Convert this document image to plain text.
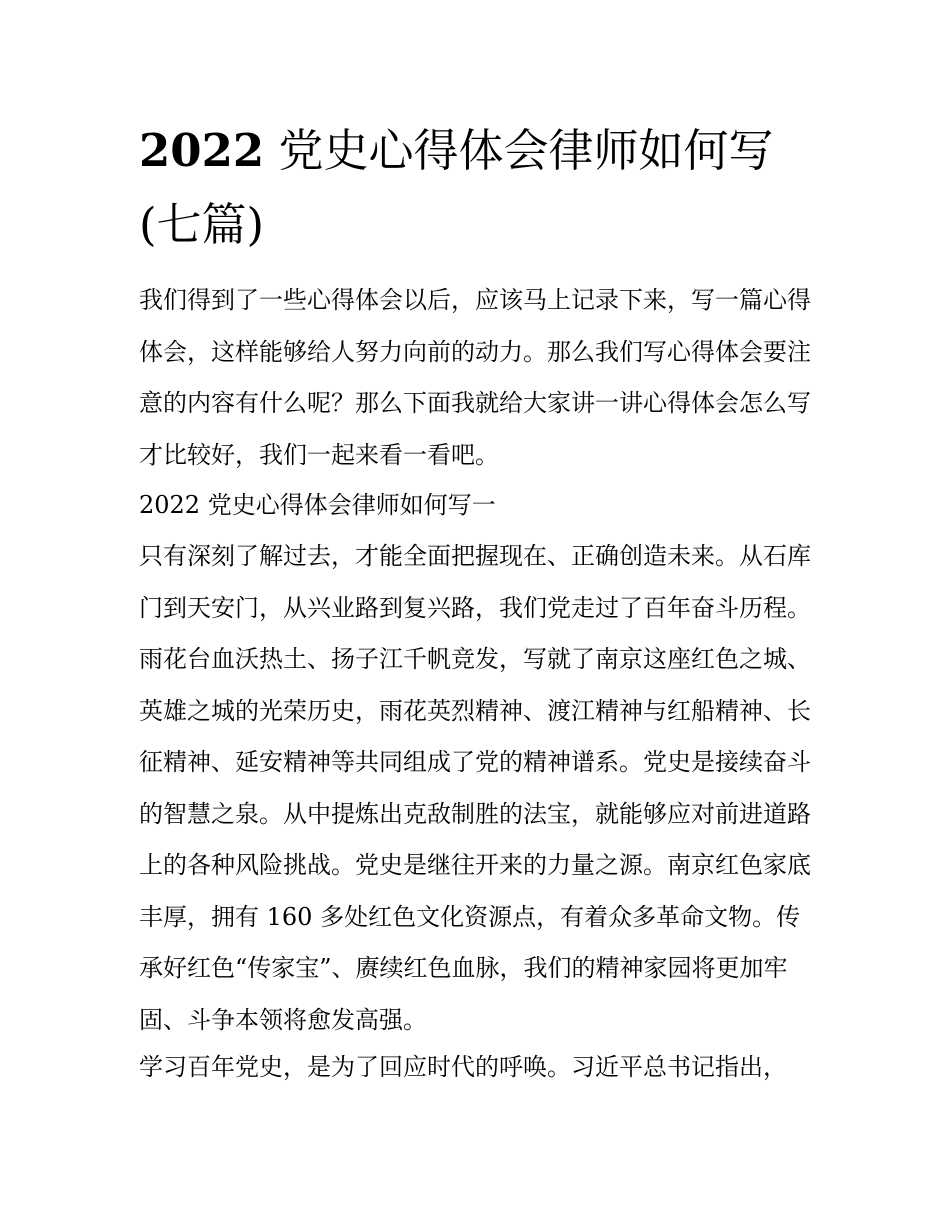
2022 党史心得体会律师如何写(七篇)

我们得到了一些心得体会以后，应该马上记录下来，写一篇心得体会，这样能够给人努力向前的动力。那么我们写心得体会要注意的内容有什么呢？那么下面我就给大家讲一讲心得体会怎么写才比较好，我们一起来看一看吧。

2022 党史心得体会律师如何写一

只有深刻了解过去，才能全面把握现在、正确创造未来。从石库门到天安门，从兴业路到复兴路，我们党走过了百年奋斗历程。雨花台血沃热土、扬子江千帆竞发，写就了南京这座红色之城、英雄之城的光荣历史，雨花英烈精神、渡江精神与红船精神、长征精神、延安精神等共同组成了党的精神谱系。党史是接续奋斗的智慧之泉。从中提炼出克敌制胜的法宝，就能够应对前进道路上的各种风险挑战。党史是继往开来的力量之源。南京红色家底丰厚，拥有 160 多处红色文化资源点，有着众多革命文物。传承好红色“传家宝”、赓续红色血脉，我们的精神家园将更加牢固、斗争本领将愈发高强。

学习百年党史，是为了回应时代的呼唤。习近平总书记指出，
